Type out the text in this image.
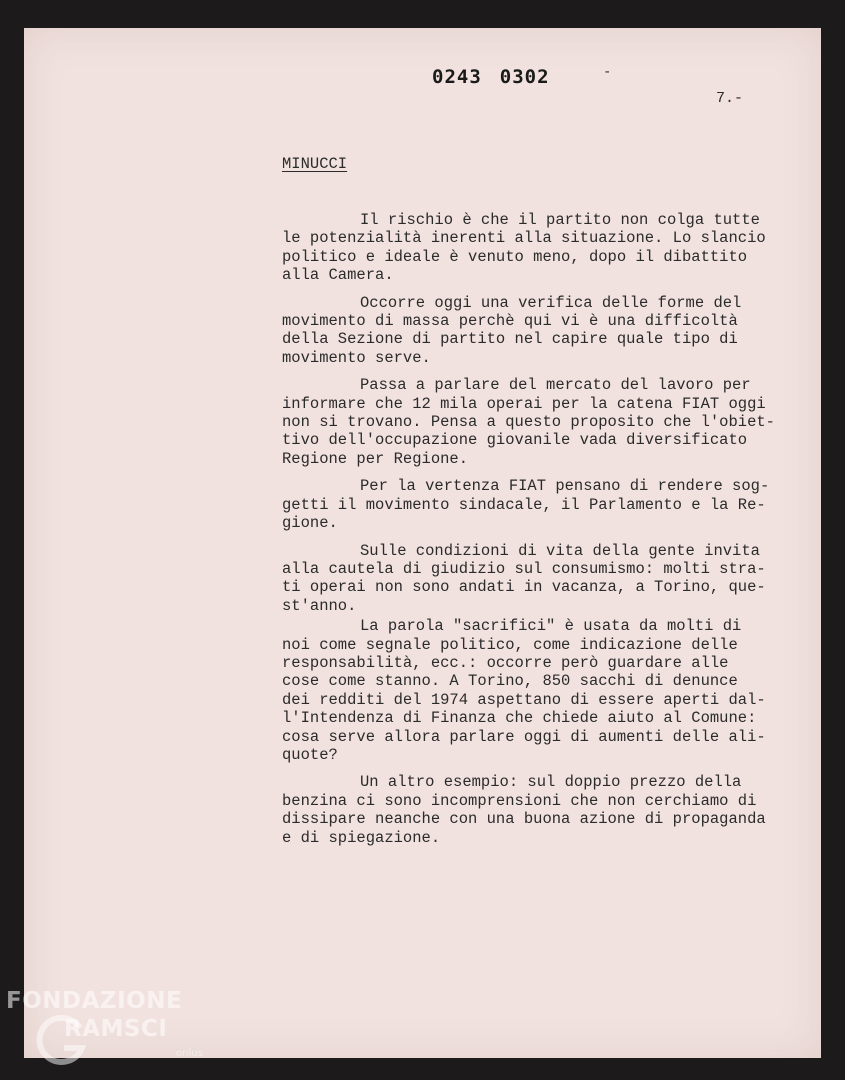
0243 0302	-
7.-
MINUCCI
Il rischio è che il partito non colga tutte
le potenzialità inerenti alla situazione. Lo slancio
politico e ideale è venuto meno, dopo il dibattito
alla Camera.
Occorre oggi una verifica delle forme del
movimento di massa perchè qui vi è una difficoltà
della Sezione di partito nel capire quale tipo di
movimento serve.
Passa a parlare del mercato del lavoro per
informare che 12 mila operai per la catena FIAT oggi
non si trovano. Pensa a questo proposito che l'obiet-
tivo dell'occupazione giovanile vada diversificato
Regione per Regione.
Per la vertenza FIAT pensano di rendere sog-
getti il movimento sindacale, il Parlamento e la Re-
gione.
Sulle condizioni di vita della gente invita
alla cautela di giudizio sul consumismo: molti stra-
ti operai non sono andati in vacanza, a Torino, que-
st'anno.
La parola "sacrifici" è usata da molti di
noi come segnale politico, come indicazione delle
responsabilità, ecc.: occorre però guardare alle
cose come stanno. A Torino, 850 sacchi di denunce
dei redditi del 1974 aspettano di essere aperti dal-
l'Intendenza di Finanza che chiede aiuto al Comune:
cosa serve allora parlare oggi di aumenti delle ali-
quote?
Un altro esempio: sul doppio prezzo della
benzina ci sono incomprensioni che non cerchiamo di
dissipare neanche con una buona azione di propaganda
e di spiegazione.
FONDAZIONE
RAMSCI
onlus
